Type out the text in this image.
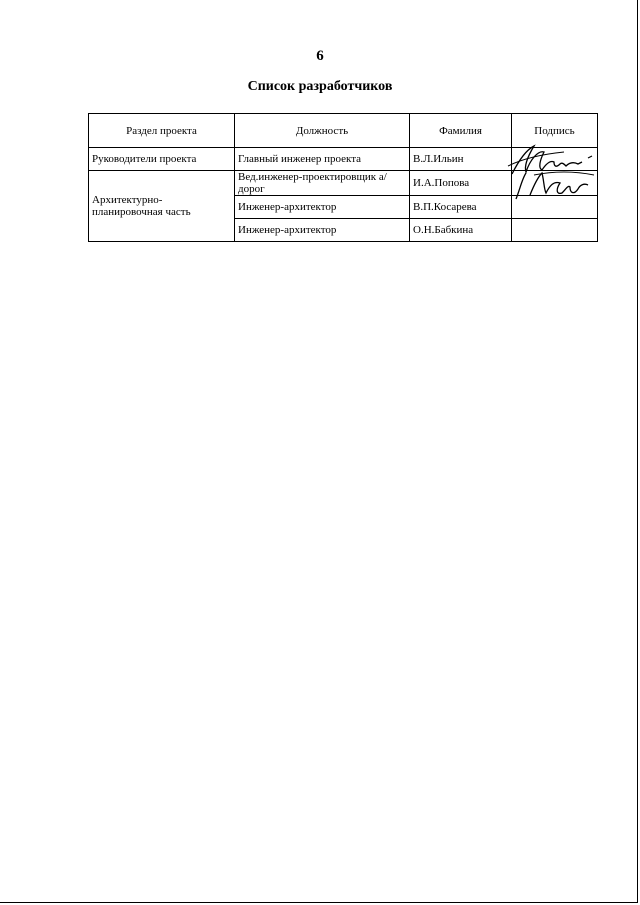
6
Список разработчиков
Раздел проекта	Должность	Фамилия	Подпись
Руководители проекта	Главный инженер проекта	В.Л.Ильин	

Архитектурно-планировочная часть	Вед.инженер-проектировщик а/дорог	И.А.Попова	

	Инженер-архитектор	В.П.Косарева	
	Инженер-архитектор	О.Н.Бабкина	
